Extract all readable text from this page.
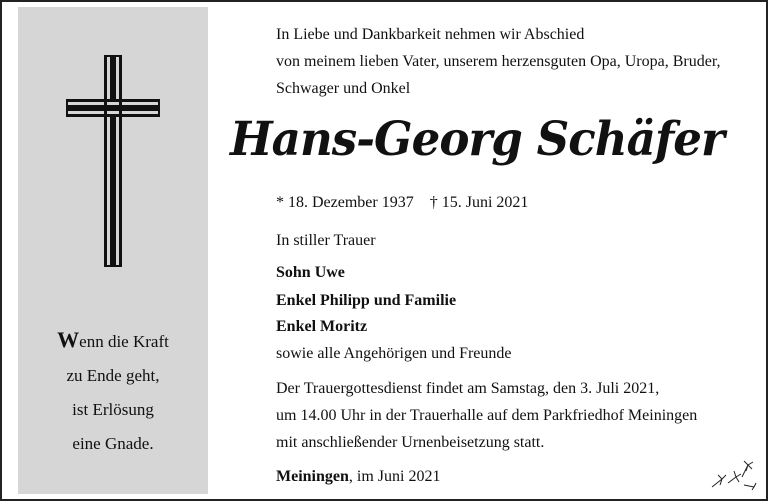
Wenn die Kraft
zu Ende geht,
ist Erlösung
eine Gnade.
In Liebe und Dankbarkeit nehmen wir Abschied
von meinem lieben Vater, unserem herzensguten Opa, Uropa, Bruder,
Schwager und Onkel
* 18. Dezember 1937 † 15. Juni 2021
In stiller Trauer
Sohn Uwe
Enkel Philipp und Familie
Enkel Moritz
sowie alle Angehörigen und Freunde
Der Trauergottesdienst findet am Samstag, den 3. Juli 2021,
um 14.00 Uhr in der Trauerhalle auf dem Parkfriedhof Meiningen
mit anschließender Urnenbeisetzung statt.
Meiningen, im Juni 2021
Hans-Georg Schäfer
